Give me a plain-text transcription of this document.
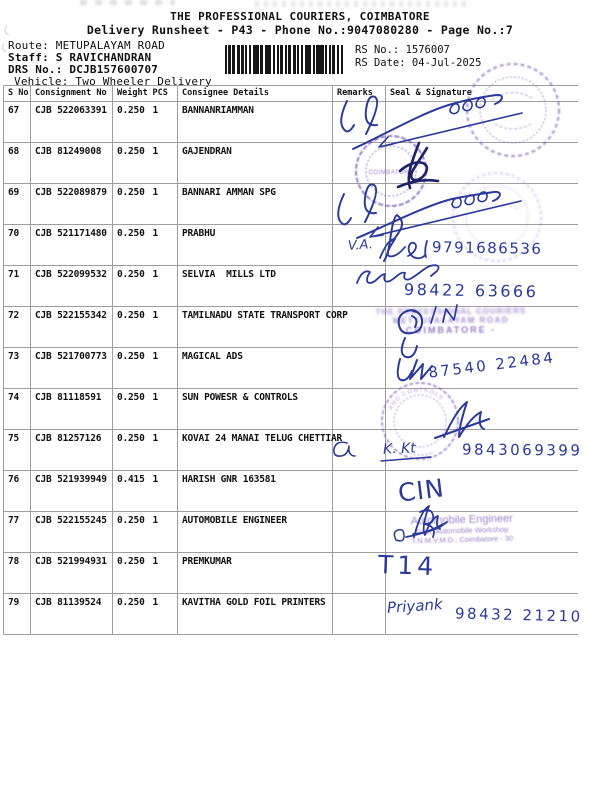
THE PROFESSIONAL COURIERS, COIMBATORE
Delivery Runsheet - P43 - Phone No.:9047080280 - Page No.:7
Route: METUPALAYAM ROAD
Staff: S RAVICHANDRAN
DRS No.: DCJB157600707
Vehicle: Two Wheeler Delivery
RS No.: 1576007
RS Date: 04-Jul-2025
S No	Consignment No	Weight	PCS	Consignee Details	Remarks	Seal & Signature
67	CJB 522063391	0.250	1	BANNANRIAMMAN		
68	CJB 81249008	0.250	1	GAJENDRAN		
69	CJB 522089879	0.250	1	BANNARI AMMAN SPG		
70	CJB 521171480	0.250	1	PRABHU		
71	CJB 522099532	0.250	1	SELVIA  MILLS LTD		
72	CJB 522155342	0.250	1	TAMILNADU STATE TRANSPORT CORP		
73	CJB 521700773	0.250	1	MAGICAL ADS		
74	CJB 81118591	0.250	1	SUN POWESR & CONTROLS		
75	CJB 81257126	0.250	1	KOVAI 24 MANAI TELUG CHETTIAR		
76	CJB 521939949	0.415	1	HARISH GNR 163581		
77	CJB 522155245	0.250	1	AUTOMOBILE ENGINEER		
78	CJB 521994931	0.250	1	PREMKUMAR		
79	CJB 81139524	0.250	1	KAVITHA GOLD FOIL PRINTERS		
THE PROFESSIONAL COURIERS
METTUPALAYAM ROAD
COIMBATORE -
Automobile Engineer
Govt. Automobile Workshop
T.N.M.V.M.D., Coimbatore - 30
V.A.	9791686536
98422 63666
87540 22484
K. Kt	9843069399
CIN
T14
Priyank 98432 21210
COIMBATORE
AND CONTROLS
